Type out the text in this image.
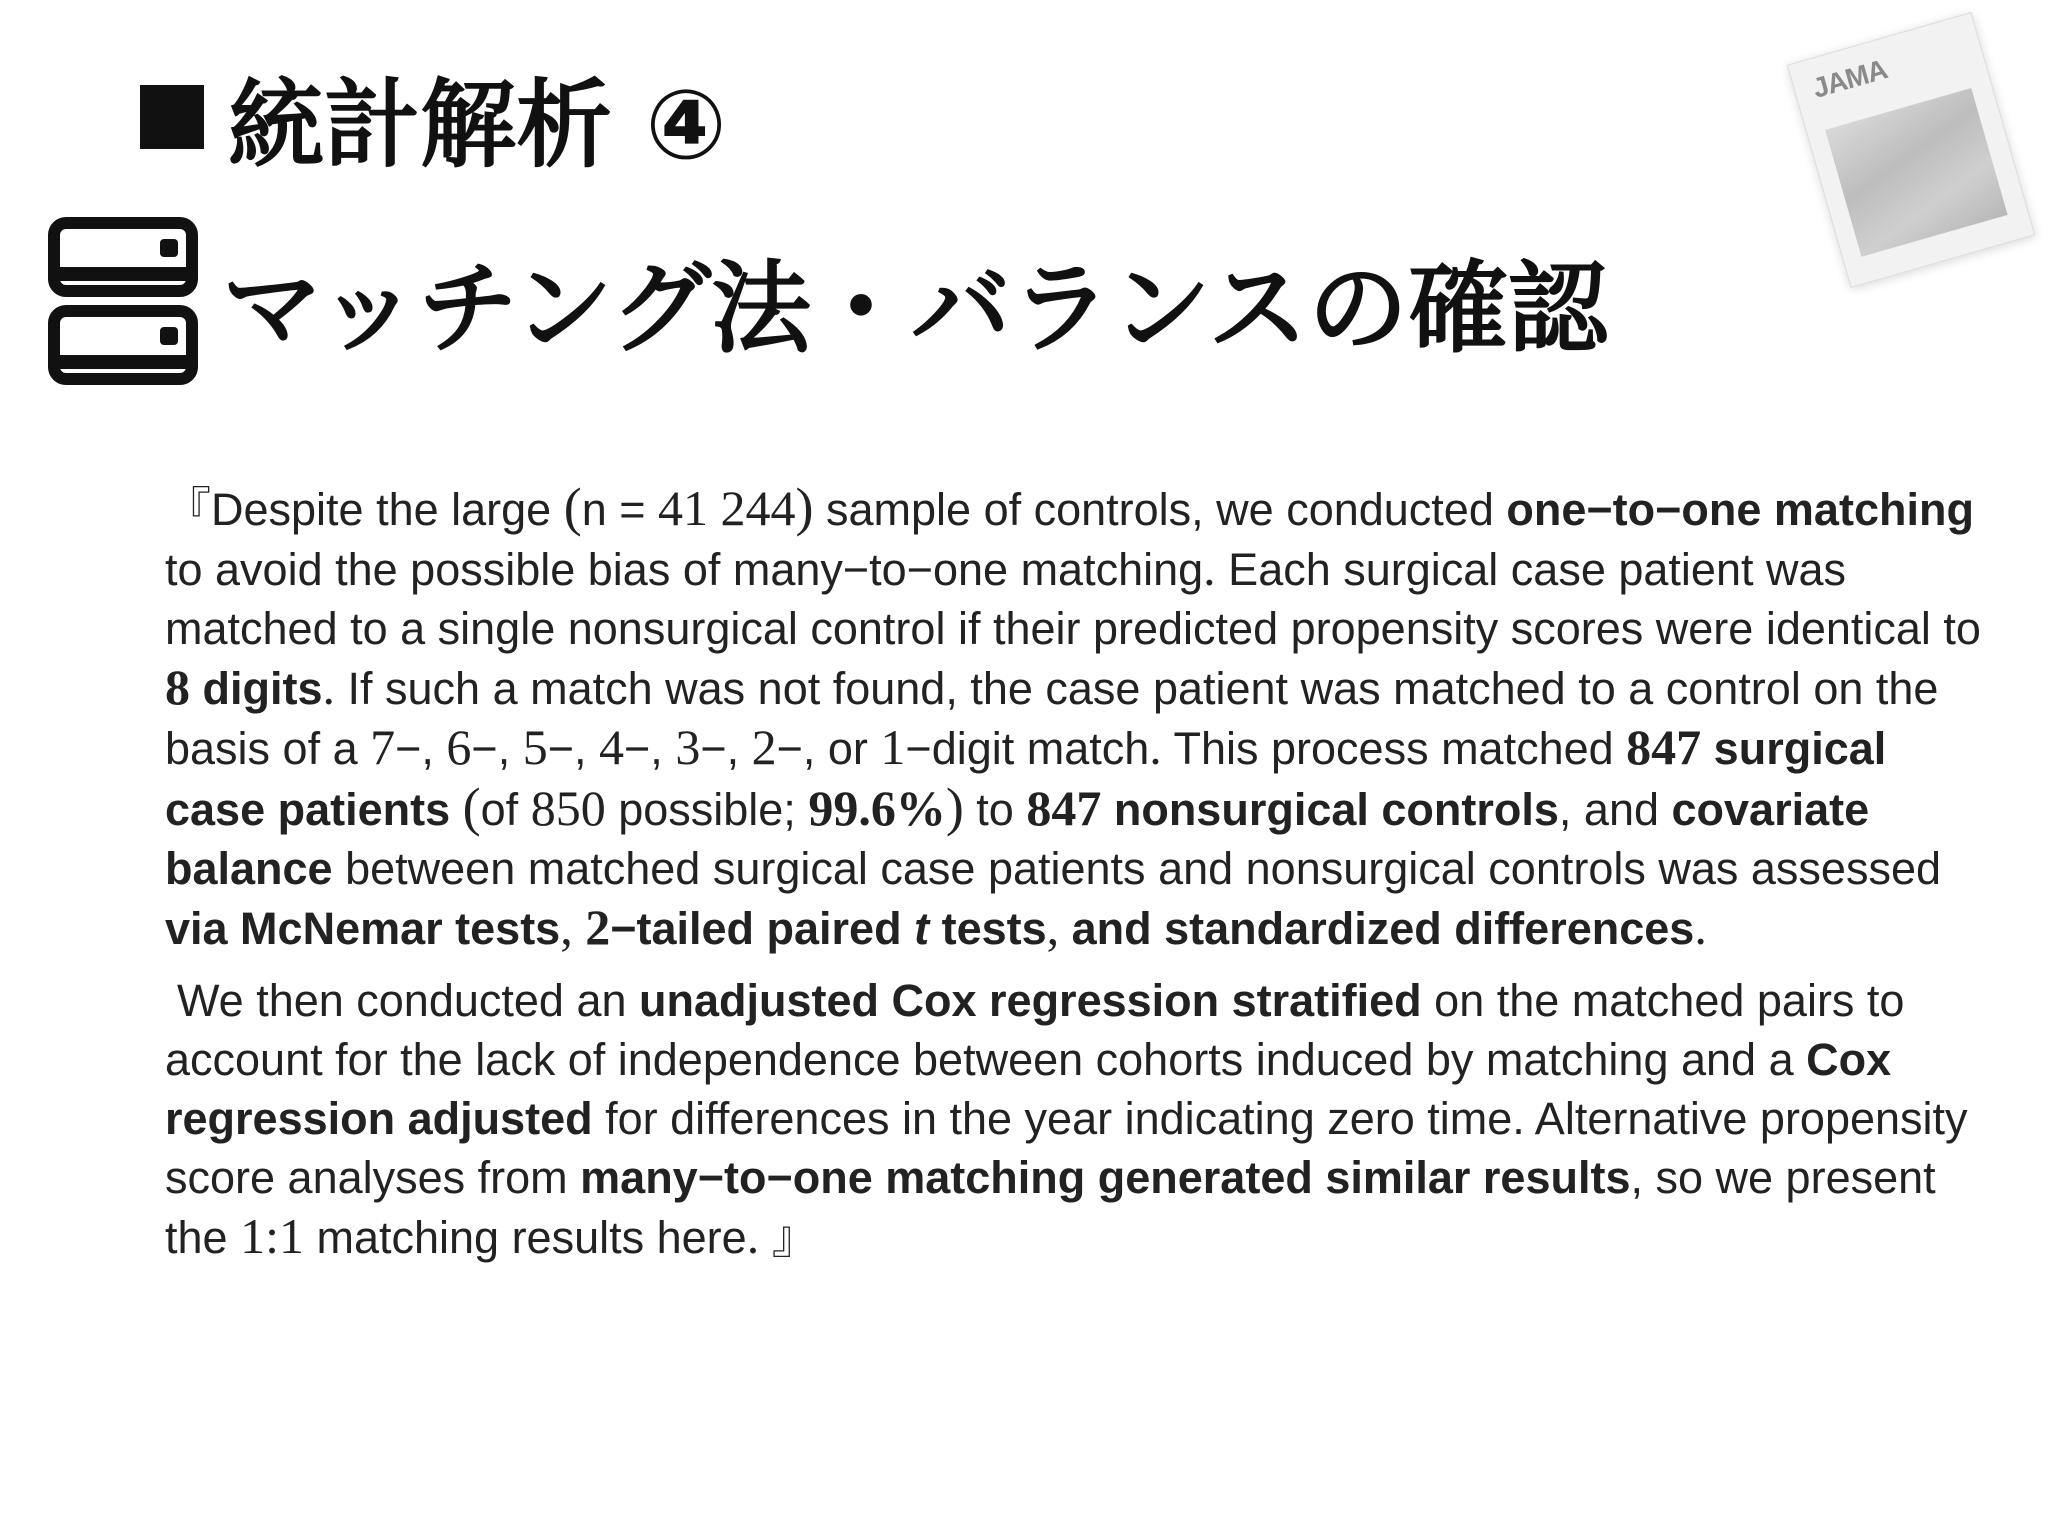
統計解析 ④
マッチング法・バランスの確認
JAMA

『Despite the large (n = 41 244) sample of controls, we conducted one−to−one matching to avoid the possible bias of many−to−one matching. Each surgical case patient was matched to a single nonsurgical control if their predicted propensity scores were identical to 8 digits. If such a match was not found, the case patient was matched to a control on the basis of a 7−, 6−, 5−, 4−, 3−, 2−, or 1−digit match. This process matched 847 surgical case patients (of 850 possible; 99.6%) to 847 nonsurgical controls, and covariate balance between matched surgical case patients and nonsurgical controls was assessed via McNemar tests, 2−tailed paired t tests, and standardized differences.

We then conducted an unadjusted Cox regression stratified on the matched pairs to account for the lack of independence between cohorts induced by matching and a Cox regression adjusted for differences in the year indicating zero time. Alternative propensity score analyses from many−to−one matching generated similar results, so we present the 1:1 matching results here. 』
